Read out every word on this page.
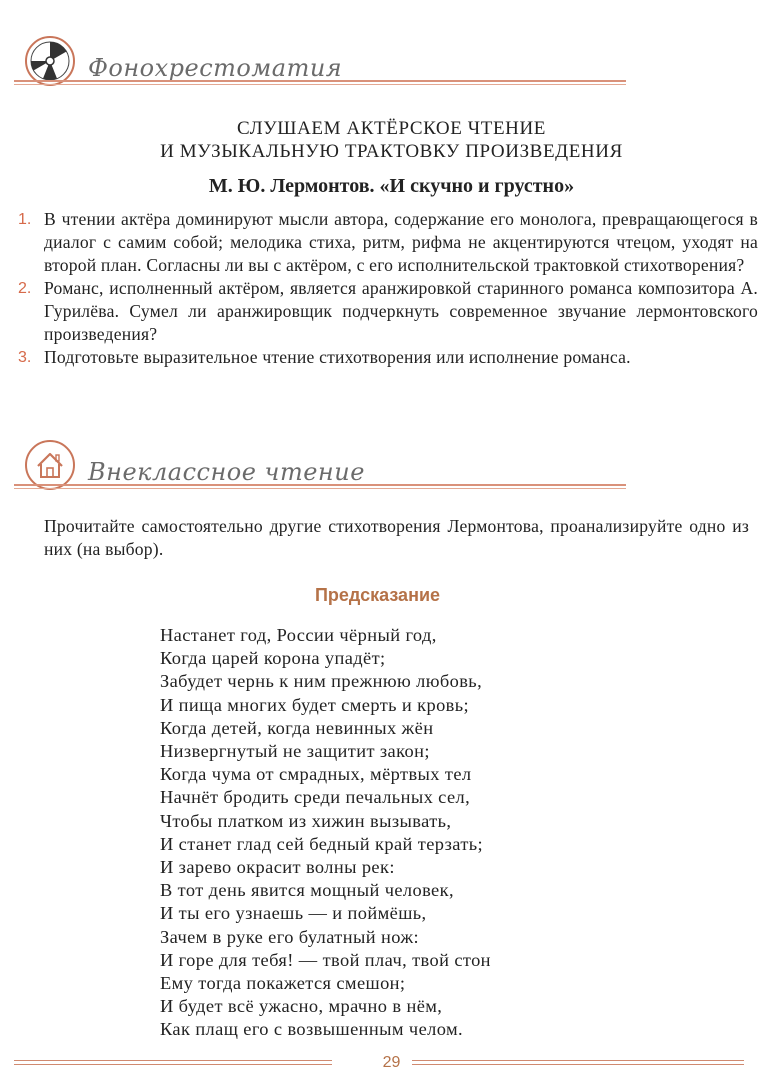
Фонохрестоматия
СЛУШАЕМ АКТЁРСКОЕ ЧТЕНИЕ
И МУЗЫКАЛЬНУЮ ТРАКТОВКУ ПРОИЗВЕДЕНИЯ
М. Ю. Лермонтов. «И скучно и грустно»
1. В чтении актёра доминируют мысли автора, содержание его монолога, превращающегося в диалог с самим собой; мелодика стиха, ритм, рифма не акцентируются чтецом, уходят на второй план. Согласны ли вы с актёром, с его исполнительской трактовкой стихотворения?
2. Романс, исполненный актёром, является аранжировкой старинного романса композитора А. Гурилёва. Сумел ли аранжировщик подчеркнуть современное звучание лермонтовского произведения?
3. Подготовьте выразительное чтение стихотворения или исполнение романса.
Внеклассное чтение
Прочитайте самостоятельно другие стихотворения Лермонтова, проанализируйте одно из них (на выбор).
Предсказание
Настанет год, России чёрный год,
Когда царей корона упадёт;
Забудет чернь к ним прежнюю любовь,
И пища многих будет смерть и кровь;
Когда детей, когда невинных жён
Низвергнутый не защитит закон;
Когда чума от смрадных, мёртвых тел
Начнёт бродить среди печальных сел,
Чтобы платком из хижин вызывать,
И станет глад сей бедный край терзать;
И зарево окрасит волны рек:
В тот день явится мощный человек,
И ты его узнаешь — и поймёшь,
Зачем в руке его булатный нож:
И горе для тебя! — твой плач, твой стон
Ему тогда покажется смешон;
И будет всё ужасно, мрачно в нём,
Как плащ его с возвышенным челом.
29
